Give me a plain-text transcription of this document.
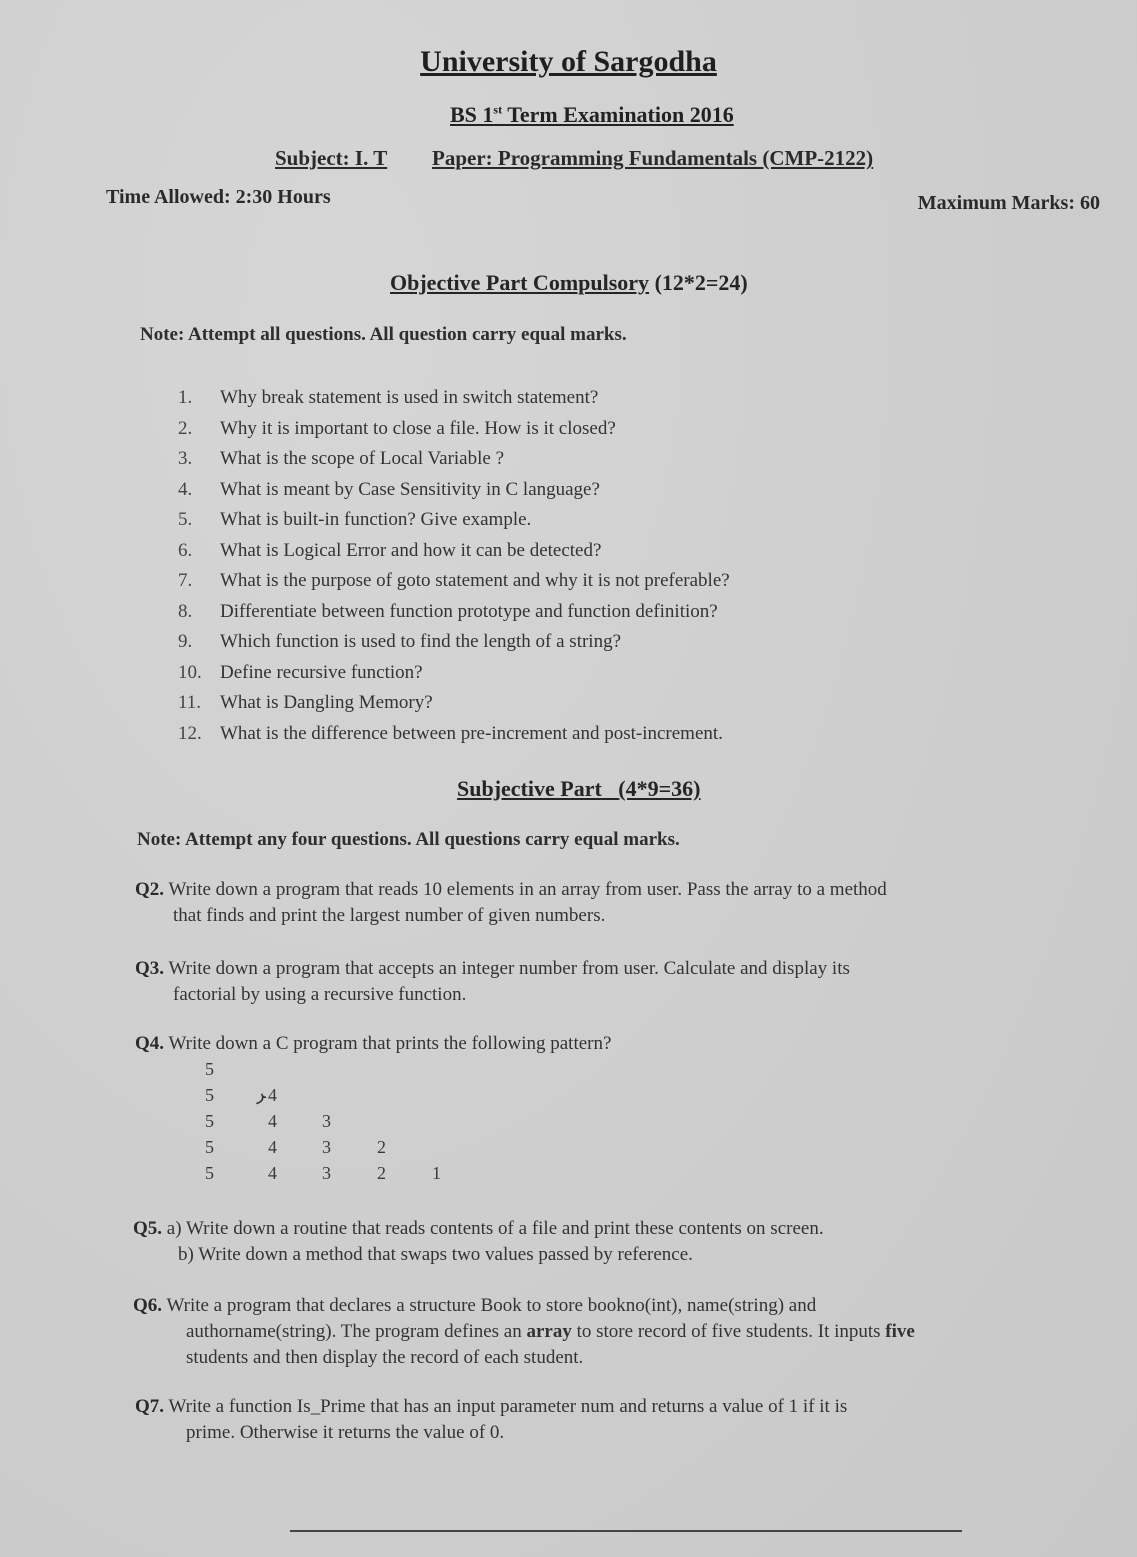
University of Sargodha
BS 1st Term Examination 2016
Subject: I. T Paper: Programming Fundamentals (CMP-2122)
Time Allowed: 2:30 Hours	Maximum Marks: 60
Objective Part Compulsory (12*2=24)
Note: Attempt all questions. All question carry equal marks.
1.	Why break statement is used in switch statement?
2.	Why it is important to close a file. How is it closed?
3.	What is the scope of Local Variable ?
4.	What is meant by Case Sensitivity in C language?
5.	What is built-in function? Give example.
6.	What is Logical Error and how it can be detected?
7.	What is the purpose of goto statement and why it is not preferable?
8.	Differentiate between function prototype and function definition?
9.	Which function is used to find the length of a string?
10. Define recursive function?
11. What is Dangling Memory?
12. What is the difference between pre-increment and post-increment.
Subjective Part (4*9=36)
Note: Attempt any four questions. All questions carry equal marks.
Q2. Write down a program that reads 10 elements in an array from user. Pass the array to a method
that finds and print the largest number of given numbers.
Q3. Write down a program that accepts an integer number from user. Calculate and display its
factorial by using a recursive function.
Q4. Write down a C program that prints the following pattern?
5
5 ﺮ 4
5	4	3
5	4	3	2
5	4	3	2	1
Q5. a) Write down a routine that reads contents of a file and print these contents on screen.
b) Write down a method that swaps two values passed by reference.
Q6. Write a program that declares a structure Book to store bookno(int), name(string) and
authorname(string). The program defines an array to store record of five students. It inputs five
students and then display the record of each student.
Q7. Write a function Is_Prime that has an input parameter num and returns a value of 1 if it is
prime. Otherwise it returns the value of 0.
